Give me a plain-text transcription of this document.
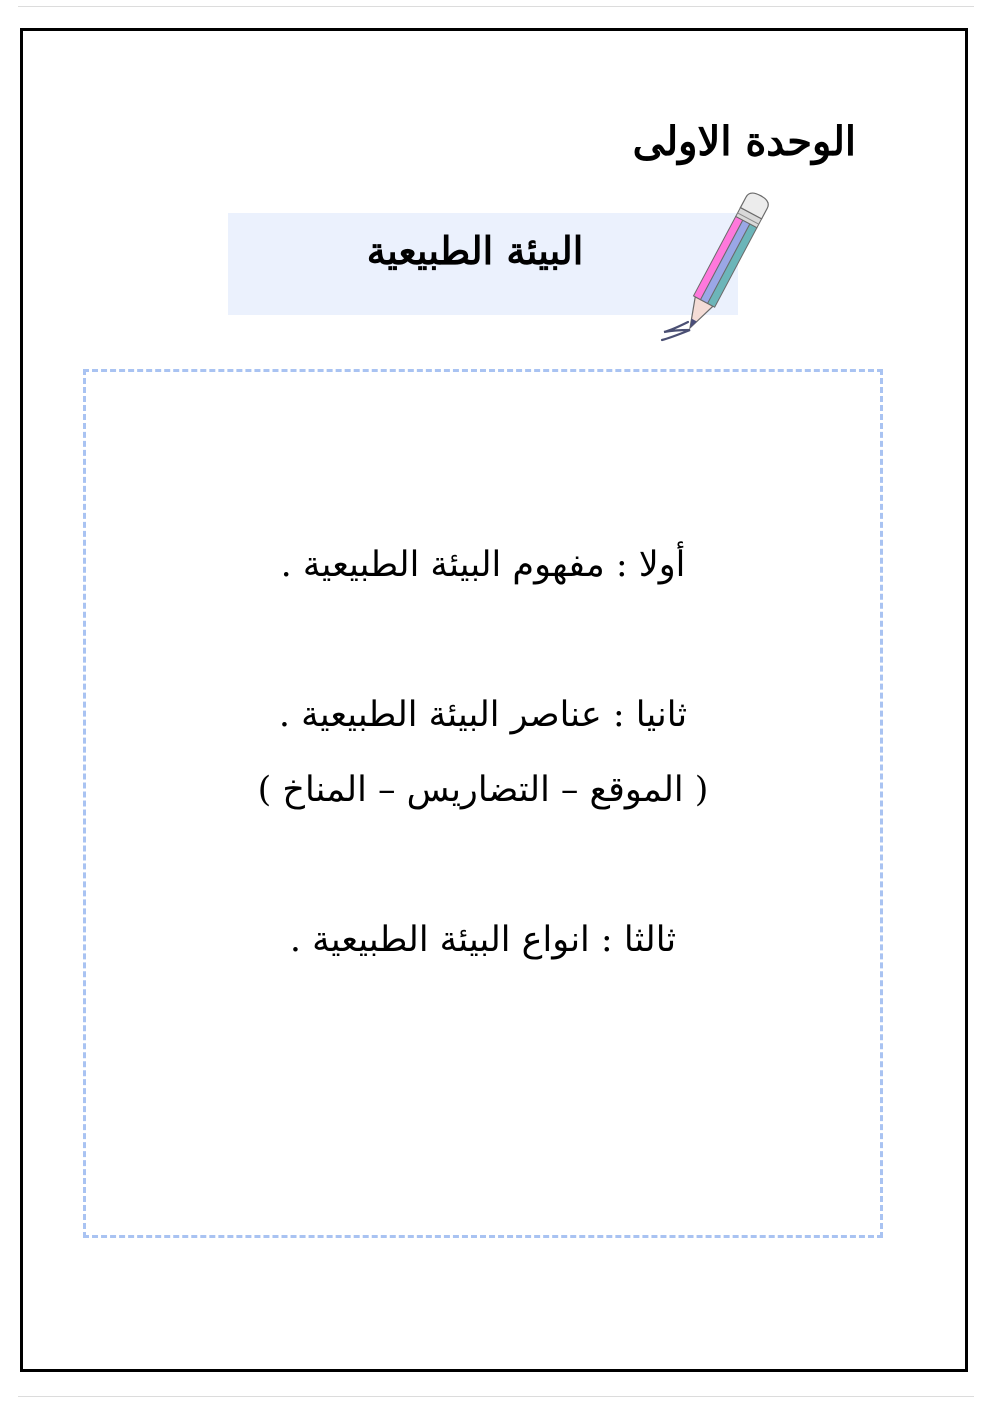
الوحدة الاولى
البيئة الطبيعية
أولا : مفهوم البيئة الطبيعية .
ثانيا : عناصر البيئة الطبيعية .
( الموقع – التضاريس – المناخ )
ثالثا : انواع البيئة الطبيعية .
